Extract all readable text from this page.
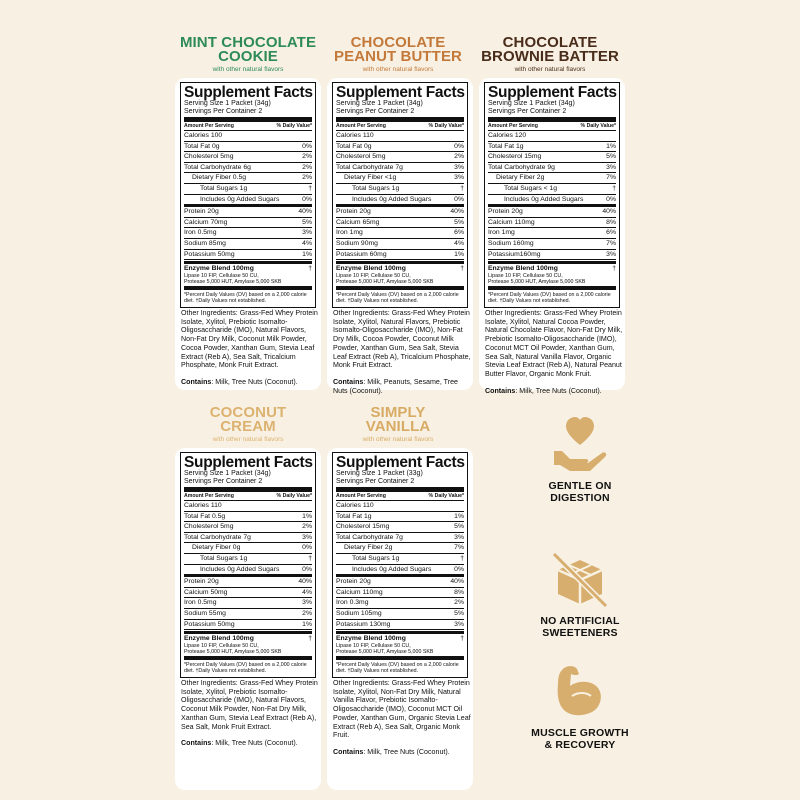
MINT CHOCOLATE
COOKIE
with other natural flavors
Supplement Facts
Serving Size 1 Packet (34g)
Servings Per Container 2
Amount Per Serving	% Daily Value*
Calories 100
Total Fat 0g	0%
Cholesterol 5mg	2%
Total Carbohydrate 6g	2%
Dietary Fiber 0.5g	2%
Total Sugars 1g	†
Includes 0g Added Sugars	0%
Protein 20g	40%
Calcium 70mg	5%
Iron 0.5mg	3%
Sodium 85mg	4%
Potassium 50mg	1%
Enzyme Blend 100mg	†
Lipase 10 FIP, Cellulase 50 CU,
Protease 5,000 HUT, Amylase 5,000 SKB
*Percent Daily Values (DV) based on a 2,000 calorie diet. †Daily Values not established.
Other Ingredients: Grass-Fed Whey Protein Isolate, Xylitol, Prebiotic Isomalto-Oligosaccharide (IMO), Natural Flavors, Non-Fat Dry Milk, Coconut Milk Powder, Cocoa Powder, Xanthan Gum, Stevia Leaf Extract (Reb A), Sea Salt, Tricalcium Phosphate, Monk Fruit Extract.
Contains: Milk, Tree Nuts (Coconut).
CHOCOLATE
PEANUT BUTTER
with other natural flavors
Supplement Facts
Serving Size 1 Packet (34g)
Servings Per Container 2
Amount Per Serving	% Daily Value*
Calories 110
Total Fat 0g	0%
Cholesterol 5mg	2%
Total Carbohydrate 7g	3%
Dietary Fiber <1g	3%
Total Sugars 1g	†
Includes 0g Added Sugars	0%
Protein 20g	40%
Calcium 65mg	5%
Iron 1mg	6%
Sodium 90mg	4%
Potassium 60mg	1%
Enzyme Blend 100mg	†
Lipase 10 FIP, Cellulase 50 CU,
Protease 5,000 HUT, Amylase 5,000 SKB
*Percent Daily Values (DV) based on a 2,000 calorie diet. †Daily Values not established.
Other Ingredients: Grass-Fed Whey Protein Isolate, Xylitol, Natural Flavors, Prebiotic Isomalto-Oligosaccharide (IMO), Non-Fat Dry Milk, Cocoa Powder, Coconut Milk Powder, Xanthan Gum, Sea Salt, Stevia Leaf Extract (Reb A), Tricalcium Phosphate, Monk Fruit Extract.
Contains: Milk, Peanuts, Sesame, Tree Nuts (Coconut).
CHOCOLATE
BROWNIE BATTER
with other natural flavors
Supplement Facts
Serving Size 1 Packet (34g)
Servings Per Container 2
Amount Per Serving	% Daily Value*
Calories 120
Total Fat 1g	1%
Cholesterol 15mg	5%
Total Carbohydrate 9g	3%
Dietary Fiber 2g	7%
Total Sugars < 1g	†
Includes 0g Added Sugars	0%
Protein 20g	40%
Calcium 110mg	8%
Iron 1mg	6%
Sodium 160mg	7%
Potassium160mg	3%
Enzyme Blend 100mg	†
Lipase 10 FIP, Cellulase 50 CU,
Protease 5,000 HUT, Amylase 5,000 SKB
*Percent Daily Values (DV) based on a 2,000 calorie diet. †Daily Values not established.
Other Ingredients: Grass-Fed Whey Protein Isolate, Xylitol, Natural Cocoa Powder, Natural Chocolate Flavor, Non-Fat Dry Milk, Prebiotic Isomalto-Oligosaccharide (IMO), Coconut MCT Oil Powder, Xanthan Gum, Sea Salt, Natural Vanilla Flavor, Organic Stevia Leaf Extract (Reb A), Natural Peanut Butter Flavor, Organic Monk Fruit.
Contains: Milk, Tree Nuts (Coconut).
COCONUT
CREAM
with other natural flavors
Supplement Facts
Serving Size 1 Packet (34g)
Servings Per Container 2
Amount Per Serving	% Daily Value*
Calories 110
Total Fat 0.5g	1%
Cholesterol 5mg	2%
Total Carbohydrate 7g	3%
Dietary Fiber 0g	0%
Total Sugars 1g	†
Includes 0g Added Sugars	0%
Protein 20g	40%
Calcium 50mg	4%
Iron 0.5mg	3%
Sodium 55mg	2%
Potassium 50mg	1%
Enzyme Blend 100mg	†
Lipase 10 FIP, Cellulase 50 CU,
Protease 5,000 HUT, Amylase 5,000 SKB
*Percent Daily Values (DV) based on a 2,000 calorie diet. †Daily Values not established.
Other Ingredients: Grass-Fed Whey Protein Isolate, Xylitol, Prebiotic Isomalto-Oligosaccharide (IMO), Natural Flavors, Coconut Milk Powder, Non-Fat Dry Milk, Xanthan Gum, Stevia Leaf Extract (Reb A), Sea Salt, Monk Fruit Extract.
Contains: Milk, Tree Nuts (Coconut).
SIMPLY
VANILLA
with other natural flavors
Supplement Facts
Serving Size 1 Packet (33g)
Servings Per Container 2
Amount Per Serving	% Daily Value*
Calories 110
Total Fat 1g	1%
Cholesterol 15mg	5%
Total Carbohydrate 7g	3%
Dietary Fiber 2g	7%
Total Sugars 1g	†
Includes 0g Added Sugars	0%
Protein 20g	40%
Calcium 110mg	8%
Iron 0.3mg	2%
Sodium 105mg	5%
Potassium 130mg	3%
Enzyme Blend 100mg	†
Lipase 10 FIP, Cellulase 50 CU,
Protease 5,000 HUT, Amylase 5,000 SKB
*Percent Daily Values (DV) based on a 2,000 calorie diet. †Daily Values not established.
Other Ingredients: Grass-Fed Whey Protein Isolate, Xylitol, Non-Fat Dry Milk, Natural Vanilla Flavor, Prebiotic Isomalto-Oligosaccharide (IMO), Coconut MCT Oil Powder, Xanthan Gum, Organic Stevia Leaf Extract (Reb A), Sea Salt, Organic Monk Fruit.
Contains: Milk, Tree Nuts (Coconut).
GENTLE ON
DIGESTION
NO ARTIFICIAL
SWEETENERS
MUSCLE GROWTH
& RECOVERY
